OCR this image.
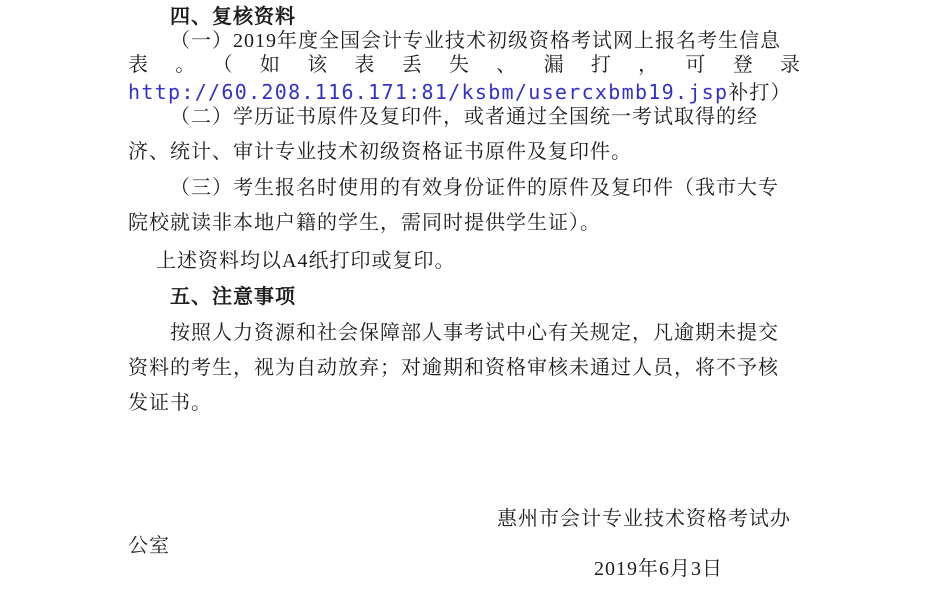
四、复核资料
（一）2019年度全国会计专业技术初级资格考试网上报名考生信息
表。（如该表丢失、漏打，可登录
http://60.208.116.171:81/ksbm/usercxbmb19.jsp补打）
（二）学历证书原件及复印件，或者通过全国统一考试取得的经
济、统计、审计专业技术初级资格证书原件及复印件。
（三）考生报名时使用的有效身份证件的原件及复印件（我市大专
院校就读非本地户籍的学生，需同时提供学生证）。
上述资料均以A4纸打印或复印。
五、注意事项
按照人力资源和社会保障部人事考试中心有关规定，凡逾期未提交
资料的考生，视为自动放弃；对逾期和资格审核未通过人员，将不予核
发证书。
惠州市会计专业技术资格考试办
公室
2019年6月3日
